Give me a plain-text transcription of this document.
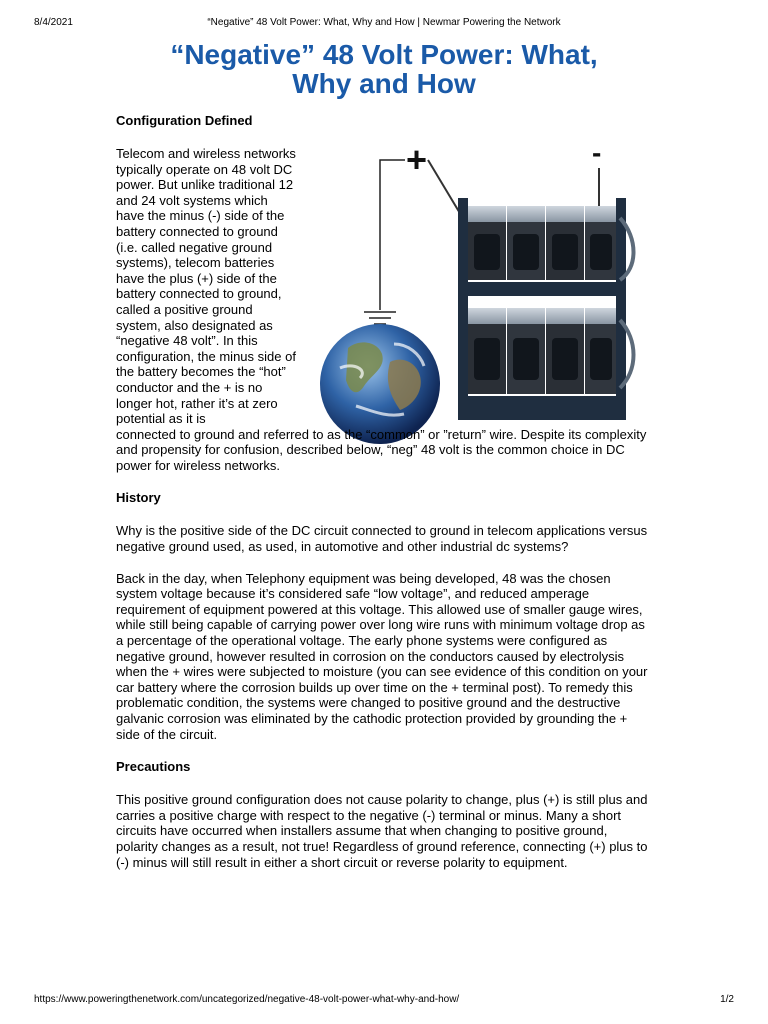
8/4/2021	“Negative” 48 Volt Power: What, Why and How | Newmar Powering the Network
“Negative” 48 Volt Power: What,
Why and How
+	-
Configuration Defined

Telecom and wireless networks typically operate on 48 volt DC power. But unlike traditional 12 and 24 volt systems which have the minus (-) side of the battery connected to ground (i.e. called negative ground systems), telecom batteries have the plus (+) side of the battery connected to ground, called a positive ground system, also designated as “negative 48 volt”. In this configuration, the minus side of the battery becomes the “hot” conductor and the + is no longer hot, rather it’s at zero potential as it is

connected to ground and referred to as the “common” or ”return” wire. Despite its complexity and propensity for confusion, described below, “neg” 48 volt is the common choice in DC power for wireless networks.

History

Why is the positive side of the DC circuit connected to ground in telecom applications versus negative ground used, as used, in automotive and other industrial dc systems?

Back in the day, when Telephony equipment was being developed, 48 was the chosen system voltage because it’s considered safe “low voltage”, and reduced amperage requirement of equipment powered at this voltage. This allowed use of smaller gauge wires, while still being capable of carrying power over long wire runs with minimum voltage drop as a percentage of the operational voltage. The early phone systems were configured as negative ground, however resulted in corrosion on the conductors caused by electrolysis when the + wires were subjected to moisture (you can see evidence of this condition on your car battery where the corrosion builds up over time on the + terminal post). To remedy this problematic condition, the systems were changed to positive ground and the destructive galvanic corrosion was eliminated by the cathodic protection provided by grounding the + side of the circuit.

Precautions

This positive ground configuration does not cause polarity to change, plus (+) is still plus and carries a positive charge with respect to the negative (-) terminal or minus. Many a short circuits have occurred when installers assume that when changing to positive ground, polarity changes as a result, not true! Regardless of ground reference, connecting (+) plus to (-) minus will still result in either a short circuit or reverse polarity to equipment.

https://www.poweringthenetwork.com/uncategorized/negative-48-volt-power-what-why-and-how/	1/2
